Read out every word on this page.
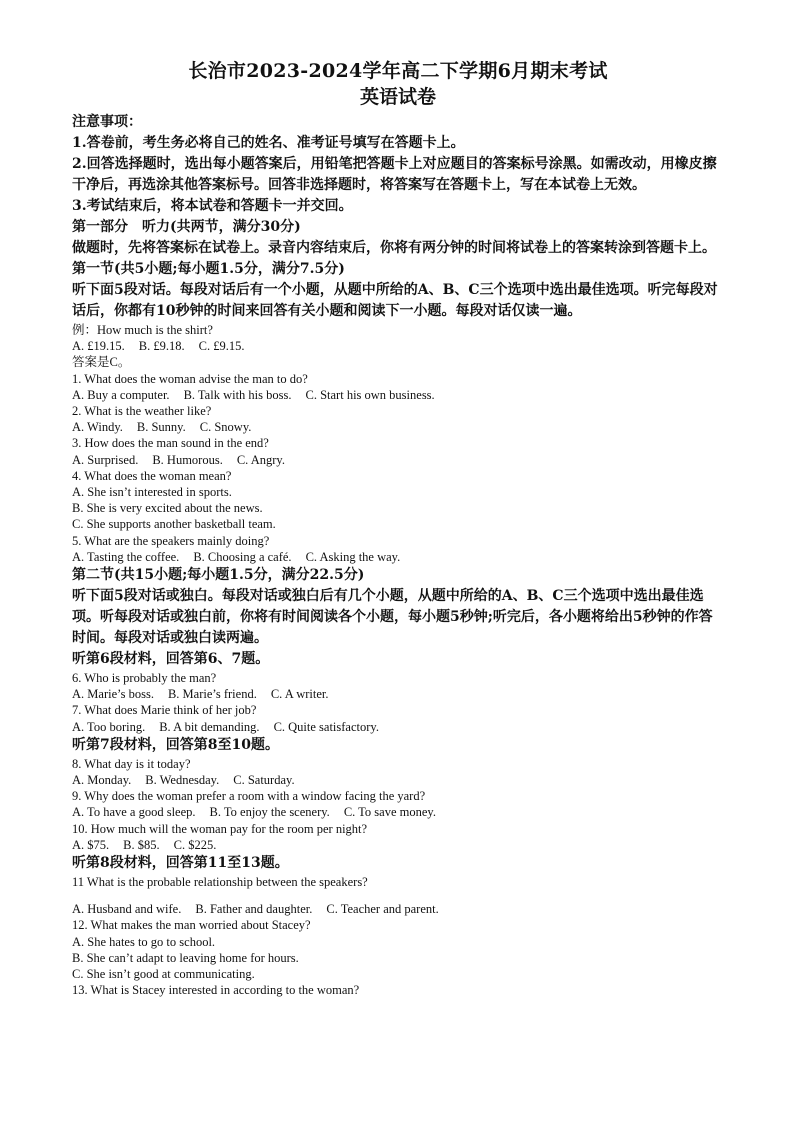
长治市2023-2024学年高二下学期6月期末考试
英语试卷

注意事项：

1.答卷前，考生务必将自己的姓名、准考证号填写在答题卡上。

2.回答选择题时，选出每小题答案后，用铅笔把答题卡上对应题目的答案标号涂黑。如需改动，用橡皮擦干净后，再选涂其他答案标号。回答非选择题时，将答案写在答题卡上，写在本试卷上无效。

3.考试结束后，将本试卷和答题卡一并交回。

第一部分　听力(共两节，满分30分)

做题时，先将答案标在试卷上。录音内容结束后，你将有两分钟的时间将试卷上的答案转涂到答题卡上。第一节(共5小题;每小题1.5分，满分7.5分)

听下面5段对话。每段对话后有一个小题，从题中所给的A、B、C三个选项中选出最佳选项。听完每段对话后，你都有10秒钟的时间来回答有关小题和阅读下一小题。每段对话仅读一遍。

例：How much is the shirt?

A. £19.15. B. £9.18. C. £9.15.

答案是C。

1. What does the woman advise the man to do?

A. Buy a computer. B. Talk with his boss. C. Start his own business.

2. What is the weather like?

A. Windy. B. Sunny. C. Snowy.

3. How does the man sound in the end?

A. Surprised. B. Humorous. C. Angry.

4. What does the woman mean?

A. She isn’t interested in sports.

B. She is very excited about the news.

C. She supports another basketball team.

5. What are the speakers mainly doing?

A. Tasting the coffee. B. Choosing a café. C. Asking the way.

第二节(共15小题;每小题1.5分，满分22.5分)

听下面5段对话或独白。每段对话或独白后有几个小题，从题中所给的A、B、C三个选项中选出最佳选项。听每段对话或独白前，你将有时间阅读各个小题，每小题5秒钟;听完后，各小题将给出5秒钟的作答时间。每段对话或独白读两遍。

听第6段材料，回答第6、7题。

6. Who is probably the man?

A. Marie’s boss. B. Marie’s friend. C. A writer.

7. What does Marie think of her job?

A. Too boring. B. A bit demanding. C. Quite satisfactory.

听第7段材料，回答第8至10题。

8. What day is it today?

A. Monday. B. Wednesday. C. Saturday.

9. Why does the woman prefer a room with a window facing the yard?

A. To have a good sleep. B. To enjoy the scenery. C. To save money.

10. How much will the woman pay for the room per night?

A. $75. B. $85. C. $225.

听第8段材料，回答第11至13题。

11 What is the probable relationship between the speakers?

A. Husband and wife. B. Father and daughter. C. Teacher and parent.

12. What makes the man worried about Stacey?

A. She hates to go to school.

B. She can’t adapt to leaving home for hours.

C. She isn’t good at communicating.

13. What is Stacey interested in according to the woman?
